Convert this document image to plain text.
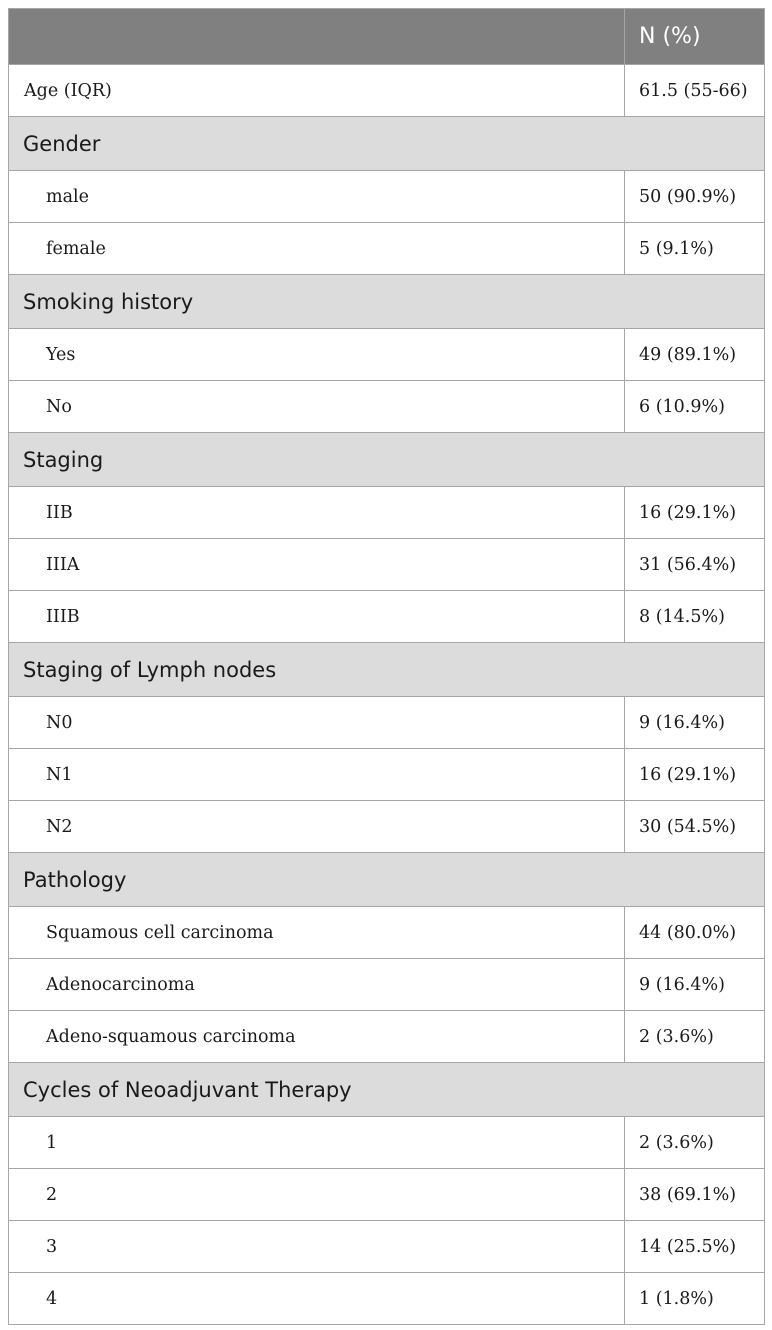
	N (%)
Age (IQR)	61.5 (55-66)
Gender	
male	50 (90.9%)
female	5 (9.1%)
Smoking history	
Yes	49 (89.1%)
No	6 (10.9%)
Staging	
IIB	16 (29.1%)
IIIA	31 (56.4%)
IIIB	8 (14.5%)
Staging of Lymph nodes	
N0	9 (16.4%)
N1	16 (29.1%)
N2	30 (54.5%)
Pathology	
Squamous cell carcinoma	44 (80.0%)
Adenocarcinoma	9 (16.4%)
Adeno-squamous carcinoma	2 (3.6%)
Cycles of Neoadjuvant Therapy	
1	2 (3.6%)
2	38 (69.1%)
3	14 (25.5%)
4	1 (1.8%)
